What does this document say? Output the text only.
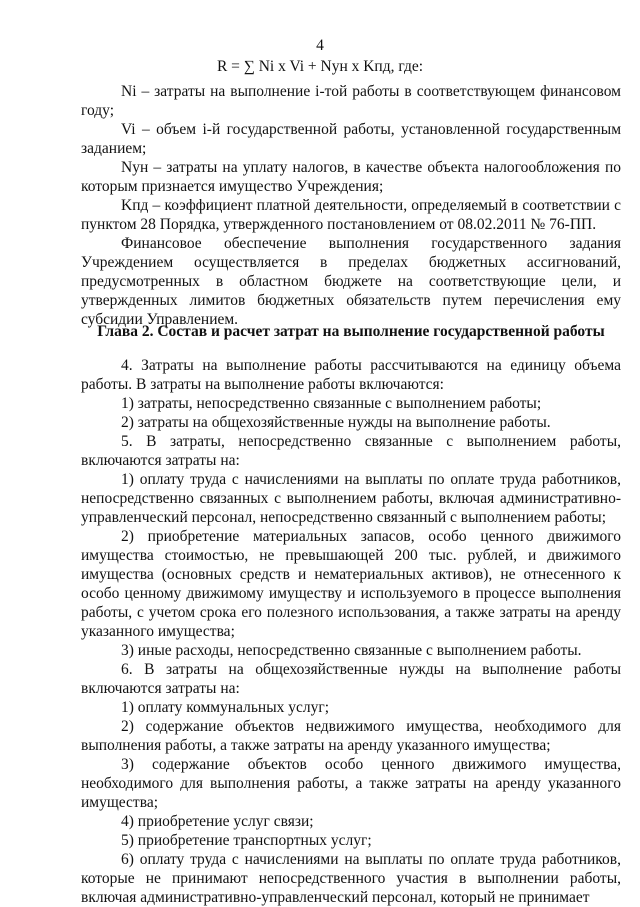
4
R = ∑ Ni x Vi + Nyн x Kпд, где:

Ni – затраты на выполнение i-той работы в соответствующем финансовом году;

Vi – объем i-й государственной работы, установленной государственным заданием;

Nyн – затраты на уплату налогов, в качестве объекта налогообложения по которым признается имущество Учреждения;

Kпд – коэффициент платной деятельности, определяемый в соответствии с пунктом 28 Порядка, утвержденного постановлением от 08.02.2011 № 76-ПП.

Финансовое обеспечение выполнения государственного задания Учреждением осуществляется в пределах бюджетных ассигнований, предусмотренных в областном бюджете на соответствующие цели, и утвержденных лимитов бюджетных обязательств путем перечисления ему субсидии Управлением.

Глава 2. Состав и расчет затрат на выполнение государственной работы

4. Затраты на выполнение работы рассчитываются на единицу объема работы. В затраты на выполнение работы включаются:

1) затраты, непосредственно связанные с выполнением работы;

2) затраты на общехозяйственные нужды на выполнение работы.

5. В затраты, непосредственно связанные с выполнением работы, включаются затраты на:

1) оплату труда с начислениями на выплаты по оплате труда работников, непосредственно связанных с выполнением работы, включая административно-управленческий персонал, непосредственно связанный с выполнением работы;

2) приобретение материальных запасов, особо ценного движимого имущества стоимостью, не превышающей 200 тыс. рублей, и движимого имущества (основных средств и нематериальных активов), не отнесенного к особо ценному движимому имуществу и используемого в процессе выполнения работы, с учетом срока его полезного использования, а также затраты на аренду указанного имущества;

3) иные расходы, непосредственно связанные с выполнением работы.

6. В затраты на общехозяйственные нужды на выполнение работы включаются затраты на:

1) оплату коммунальных услуг;

2) содержание объектов недвижимого имущества, необходимого для выполнения работы, а также затраты на аренду указанного имущества;

3) содержание объектов особо ценного движимого имущества, необходимого для выполнения работы, а также затраты на аренду указанного имущества;

4) приобретение услуг связи;

5) приобретение транспортных услуг;

6) оплату труда с начислениями на выплаты по оплате труда работников, которые не принимают непосредственного участия в выполнении работы, включая административно-управленческий персонал, который не принимает
